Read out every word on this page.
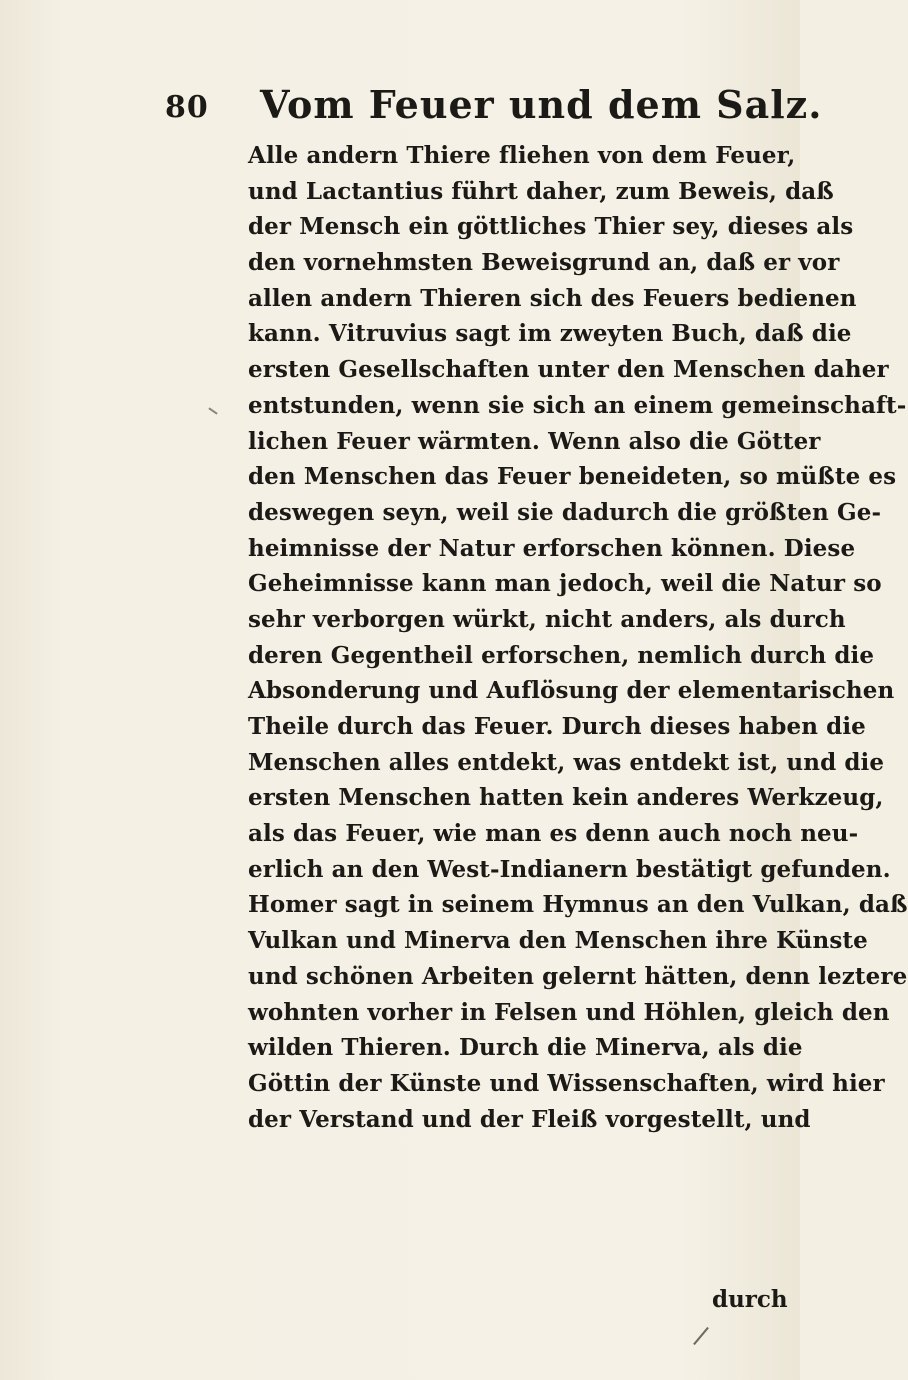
80 Vom Feuer und dem Salz.
Alle andern Thiere fliehen von dem Feuer,
und Lactantius führt daher, zum Beweis, daß
der Mensch ein göttliches Thier sey, dieses als
den vornehmsten Beweisgrund an, daß er vor
allen andern Thieren sich des Feuers bedienen
kann. Vitruvius sagt im zweyten Buch, daß die
ersten Gesellschaften unter den Menschen daher
entstunden, wenn sie sich an einem gemeinschaft-
lichen Feuer wärmten. Wenn also die Götter
den Menschen das Feuer beneideten, so müßte es
deswegen seyn, weil sie dadurch die größten Ge-
heimnisse der Natur erforschen können. Diese
Geheimnisse kann man jedoch, weil die Natur so
sehr verborgen würkt, nicht anders, als durch
deren Gegentheil erforschen, nemlich durch die
Absonderung und Auflösung der elementarischen
Theile durch das Feuer. Durch dieses haben die
Menschen alles entdekt, was entdekt ist, und die
ersten Menschen hatten kein anderes Werkzeug,
als das Feuer, wie man es denn auch noch neu-
erlich an den West-Indianern bestätigt gefunden.
Homer sagt in seinem Hymnus an den Vulkan, daß
Vulkan und Minerva den Menschen ihre Künste
und schönen Arbeiten gelernt hätten, denn leztere
wohnten vorher in Felsen und Höhlen, gleich den
wilden Thieren. Durch die Minerva, als die
Göttin der Künste und Wissenschaften, wird hier
der Verstand und der Fleiß vorgestellt, und
durch
